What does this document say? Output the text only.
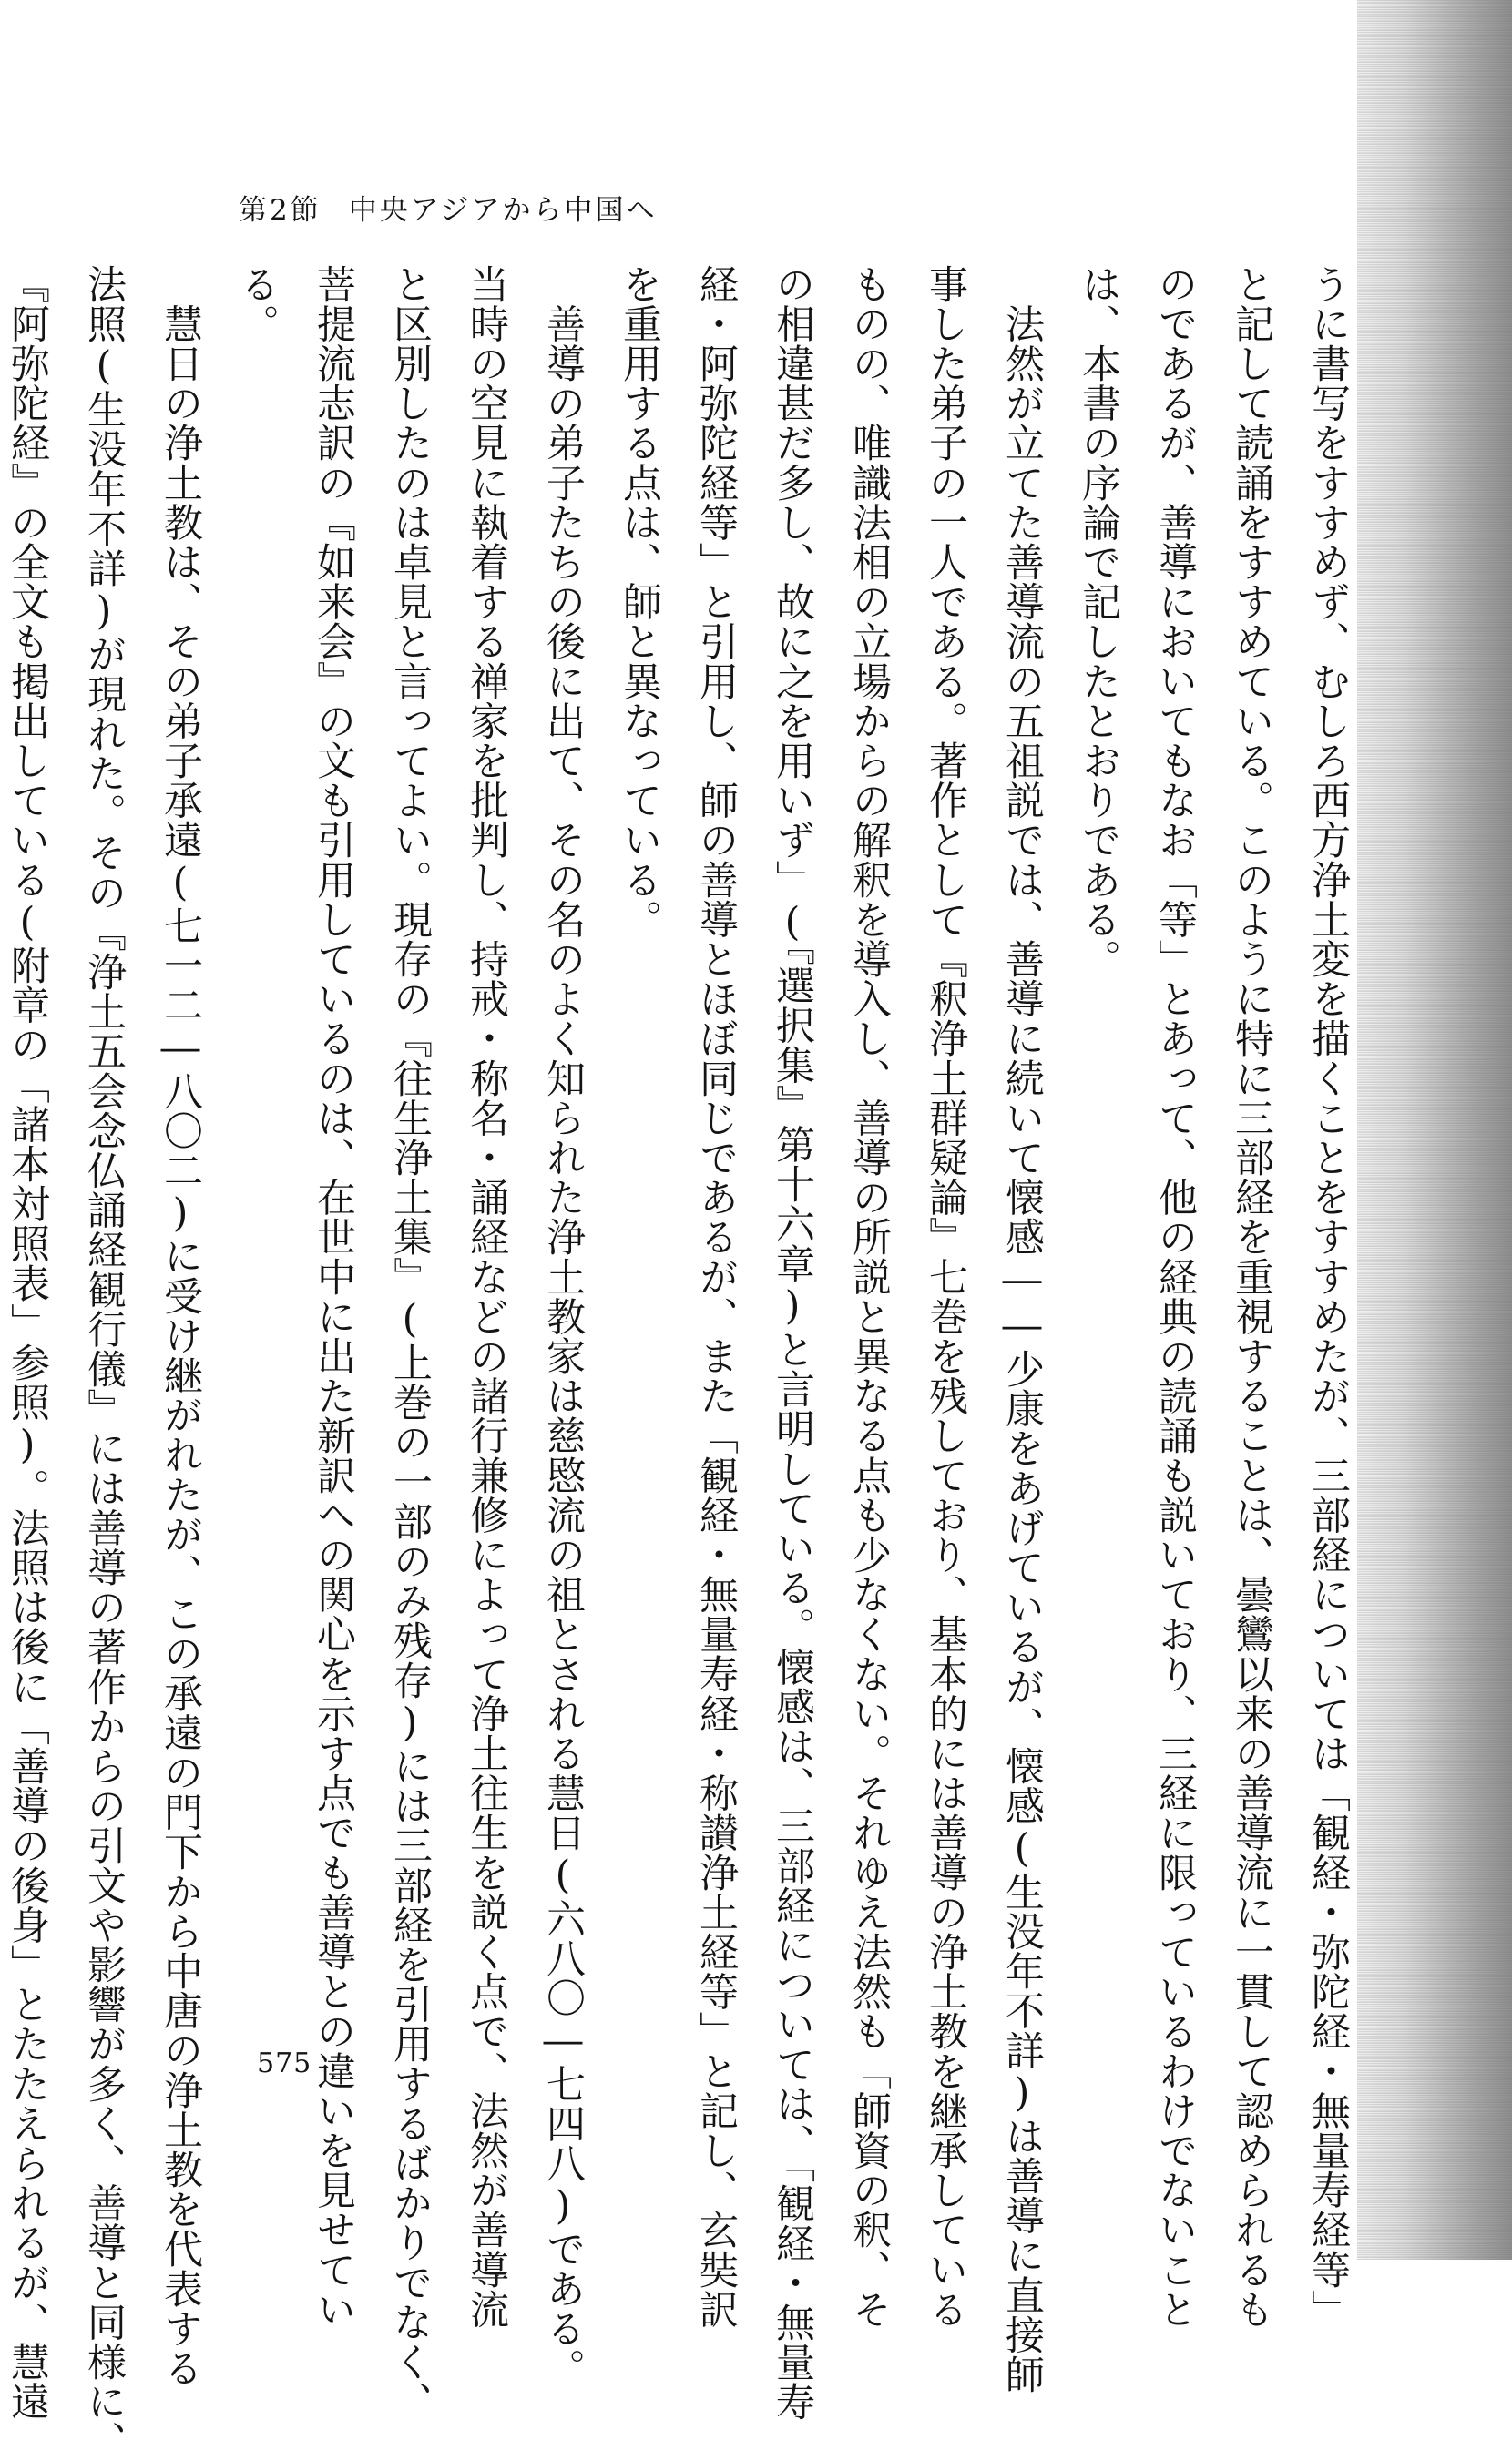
第2節 中央アジアから中国へ
うに書写をすすめず、むしろ西方浄土変を描くことをすすめたが、三部経については「観経・弥陀経・無量寿経等」
と記して読誦をすすめている。このように特に三部経を重視することは、曇鸞以来の善導流に一貫して認められるも
のであるが、善導においてもなお「等」とあって、他の経典の読誦も説いており、三経に限っているわけでないこと
は、本書の序論で記したとおりである。
　法然が立てた善導流の五祖説では、善導に続いて懐感――少康をあげているが、懐感(生没年不詳)は善導に直接師
事した弟子の一人である。著作として『釈浄土群疑論』七巻を残しており、基本的には善導の浄土教を継承している
ものの、唯識法相の立場からの解釈を導入し、善導の所説と異なる点も少なくない。それゆえ法然も「師資の釈、そ
の相違甚だ多し、故に之を用いず」(『選択集』第十六章)と言明している。懐感は、三部経については、「観経・無量寿
経・阿弥陀経等」と引用し、師の善導とほぼ同じであるが、また「観経・無量寿経・称讃浄土経等」と記し、玄奘訳
を重用する点は、師と異なっている。
　善導の弟子たちの後に出て、その名のよく知られた浄土教家は慈愍流の祖とされる慧日(六八〇―七四八)である。
当時の空見に執着する禅家を批判し、持戒・称名・誦経などの諸行兼修によって浄土往生を説く点で、法然が善導流
と区別したのは卓見と言ってよい。現存の『往生浄土集』(上巻の一部のみ残存)には三部経を引用するばかりでなく、
菩提流志訳の『如来会』の文も引用しているのは、在世中に出た新訳への関心を示す点でも善導との違いを見せてい
る。
　慧日の浄土教は、その弟子承遠(七一二―八〇二)に受け継がれたが、この承遠の門下から中唐の浄土教を代表する
法照(生没年不詳)が現れた。その『浄土五会念仏誦経観行儀』には善導の著作からの引文や影響が多く、善導と同様に、
『阿弥陀経』の全文も掲出している(附章の「諸本対照表」参照)。法照は後に「善導の後身」とたたえられるが、慧遠	575
